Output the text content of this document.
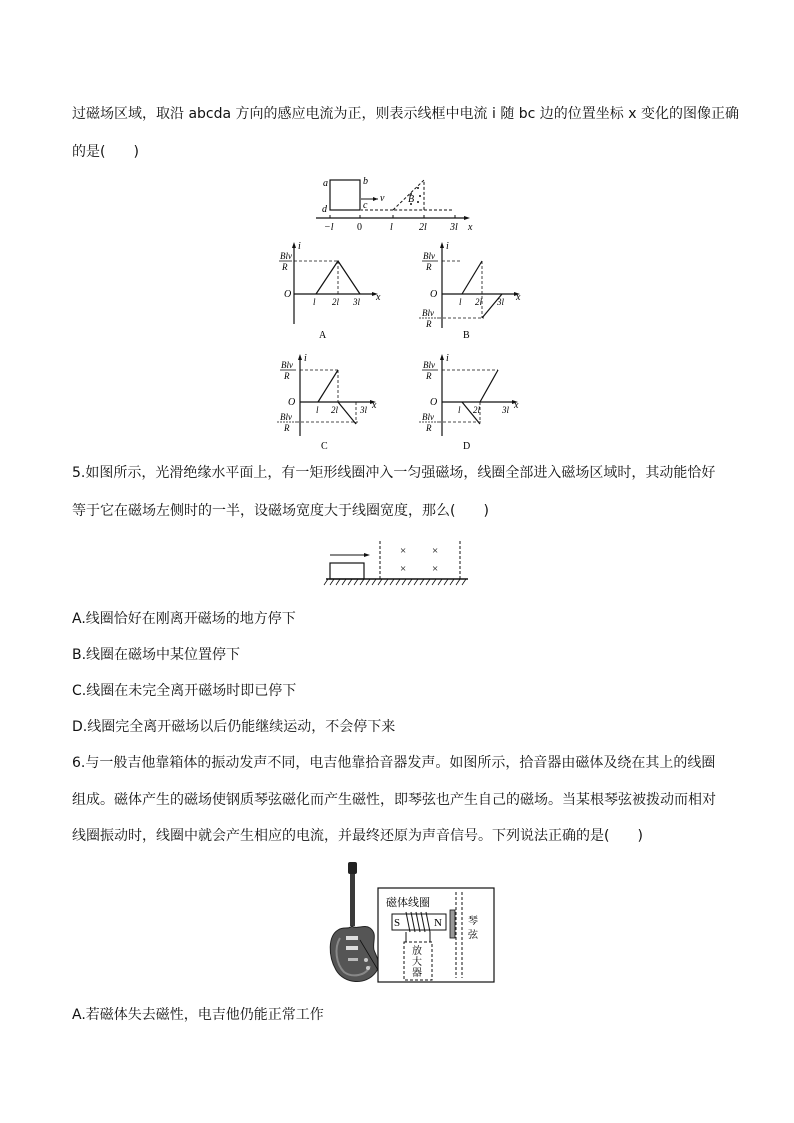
过磁场区域，取沿 abcda 方向的感应电流为正，则表示线框中电流 i 随 bc 边的位置坐标 x 变化的图像正确
的是(　　)
a	b
c
d
v B
−l 0	l	2l 3l x
i
x
Blv
R
O
l 2l 3l
A
i
x
Blv
R
Blv
R
O
l 2l 3l
B
i
x
Blv
R
Blv
R
O
l 2l 3l
C
i
x
Blv
R
Blv
R
O
l 2l 3l
D
5.如图所示，光滑绝缘水平面上，有一矩形线圈冲入一匀强磁场，线圈全部进入磁场区域时，其动能恰好
等于它在磁场左侧时的一半，设磁场宽度大于线圈宽度，那么(　　)
× ×
× ×
A.线圈恰好在刚离开磁场的地方停下
B.线圈在磁场中某位置停下
C.线圈在未完全离开磁场时即已停下
D.线圈完全离开磁场以后仍能继续运动，不会停下来
6.与一般吉他靠箱体的振动发声不同，电吉他靠拾音器发声。如图所示，拾音器由磁体及绕在其上的线圈
组成。磁体产生的磁场使钢质琴弦磁化而产生磁性，即琴弦也产生自己的磁场。当某根琴弦被拨动而相对
线圈振动时，线圈中就会产生相应的电流，并最终还原为声音信号。下列说法正确的是(　　)
磁体线圈
S	N
放
大
器
琴
弦
A.若磁体失去磁性，电吉他仍能正常工作
